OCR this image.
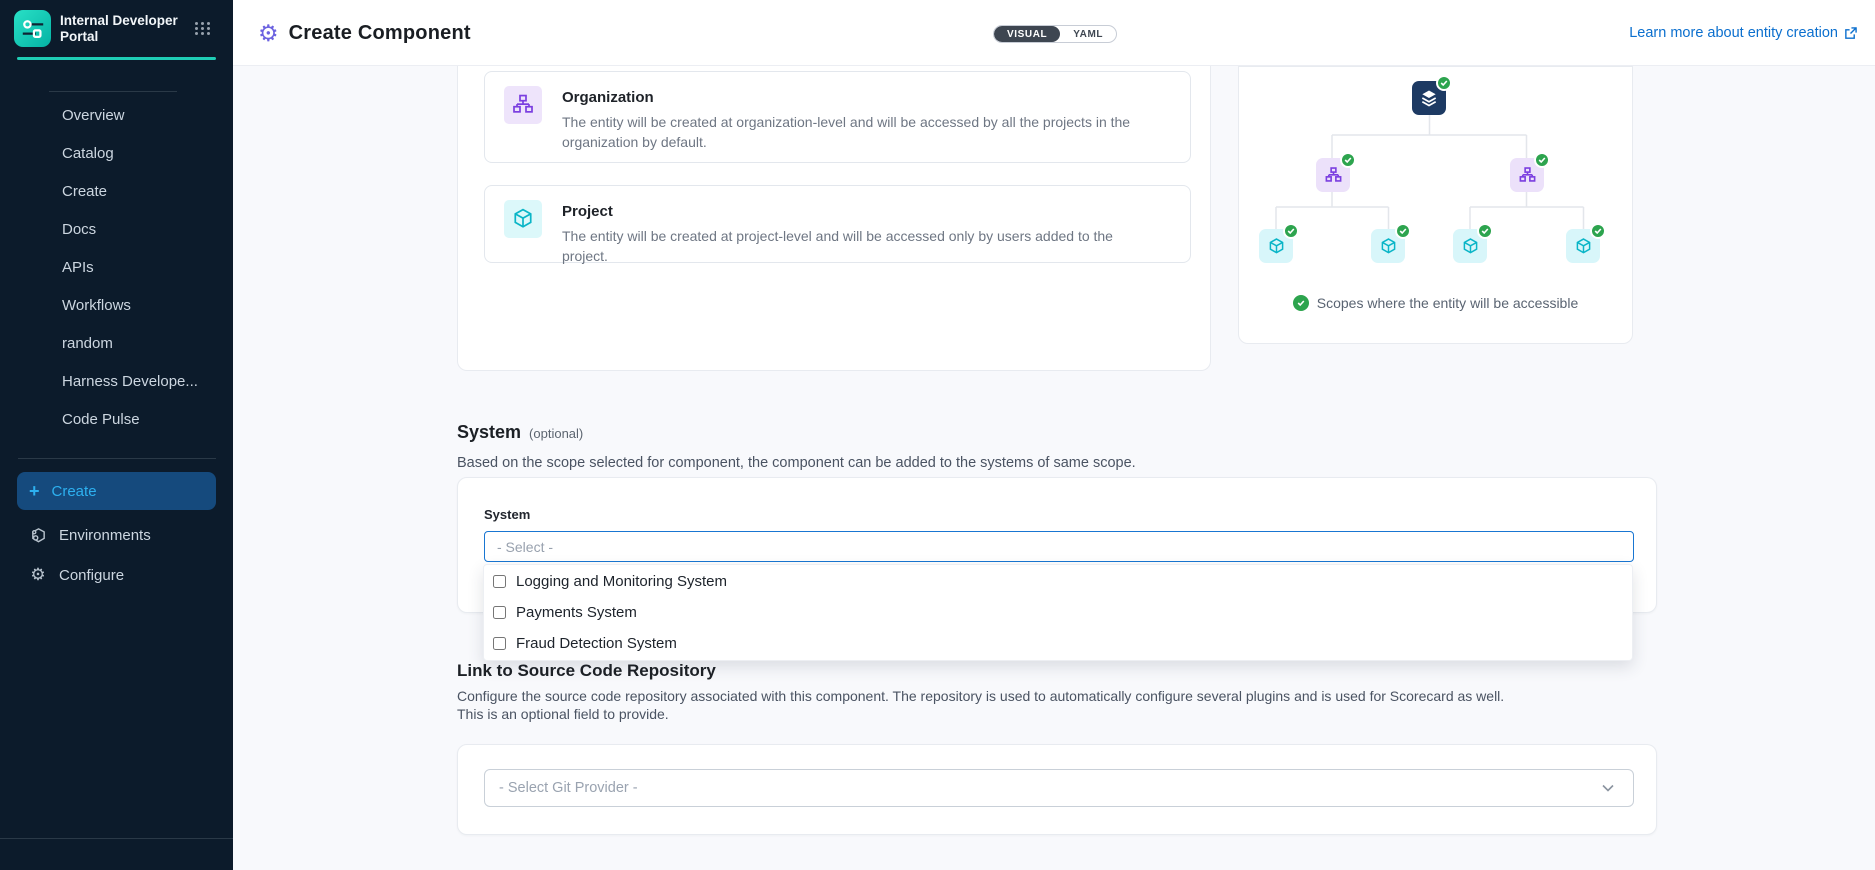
Internal Developer Portal
Overview
Catalog
Create
Docs
APIs
Workflows
random
Harness Develope...
Code Pulse
+ Create
Environments
⚙ Configure
⚙ Create Component	VISUAL	YAML	Learn more about entity creation
Organization
The entity will be created at organization-level and will be accessed by all the projects in the organization by default.
Project
The entity will be created at project-level and will be accessed only by users added to the project.
Scopes where the entity will be accessible
System (optional)
Based on the scope selected for component, the component can be added to the systems of same scope.
System
- Select -
Logging and Monitoring System
Payments System
Fraud Detection System
Link to Source Code Repository
Configure the source code repository associated with this component. The repository is used to automatically configure several plugins and is used for Scorecard as well.
This is an optional field to provide.
- Select Git Provider -
